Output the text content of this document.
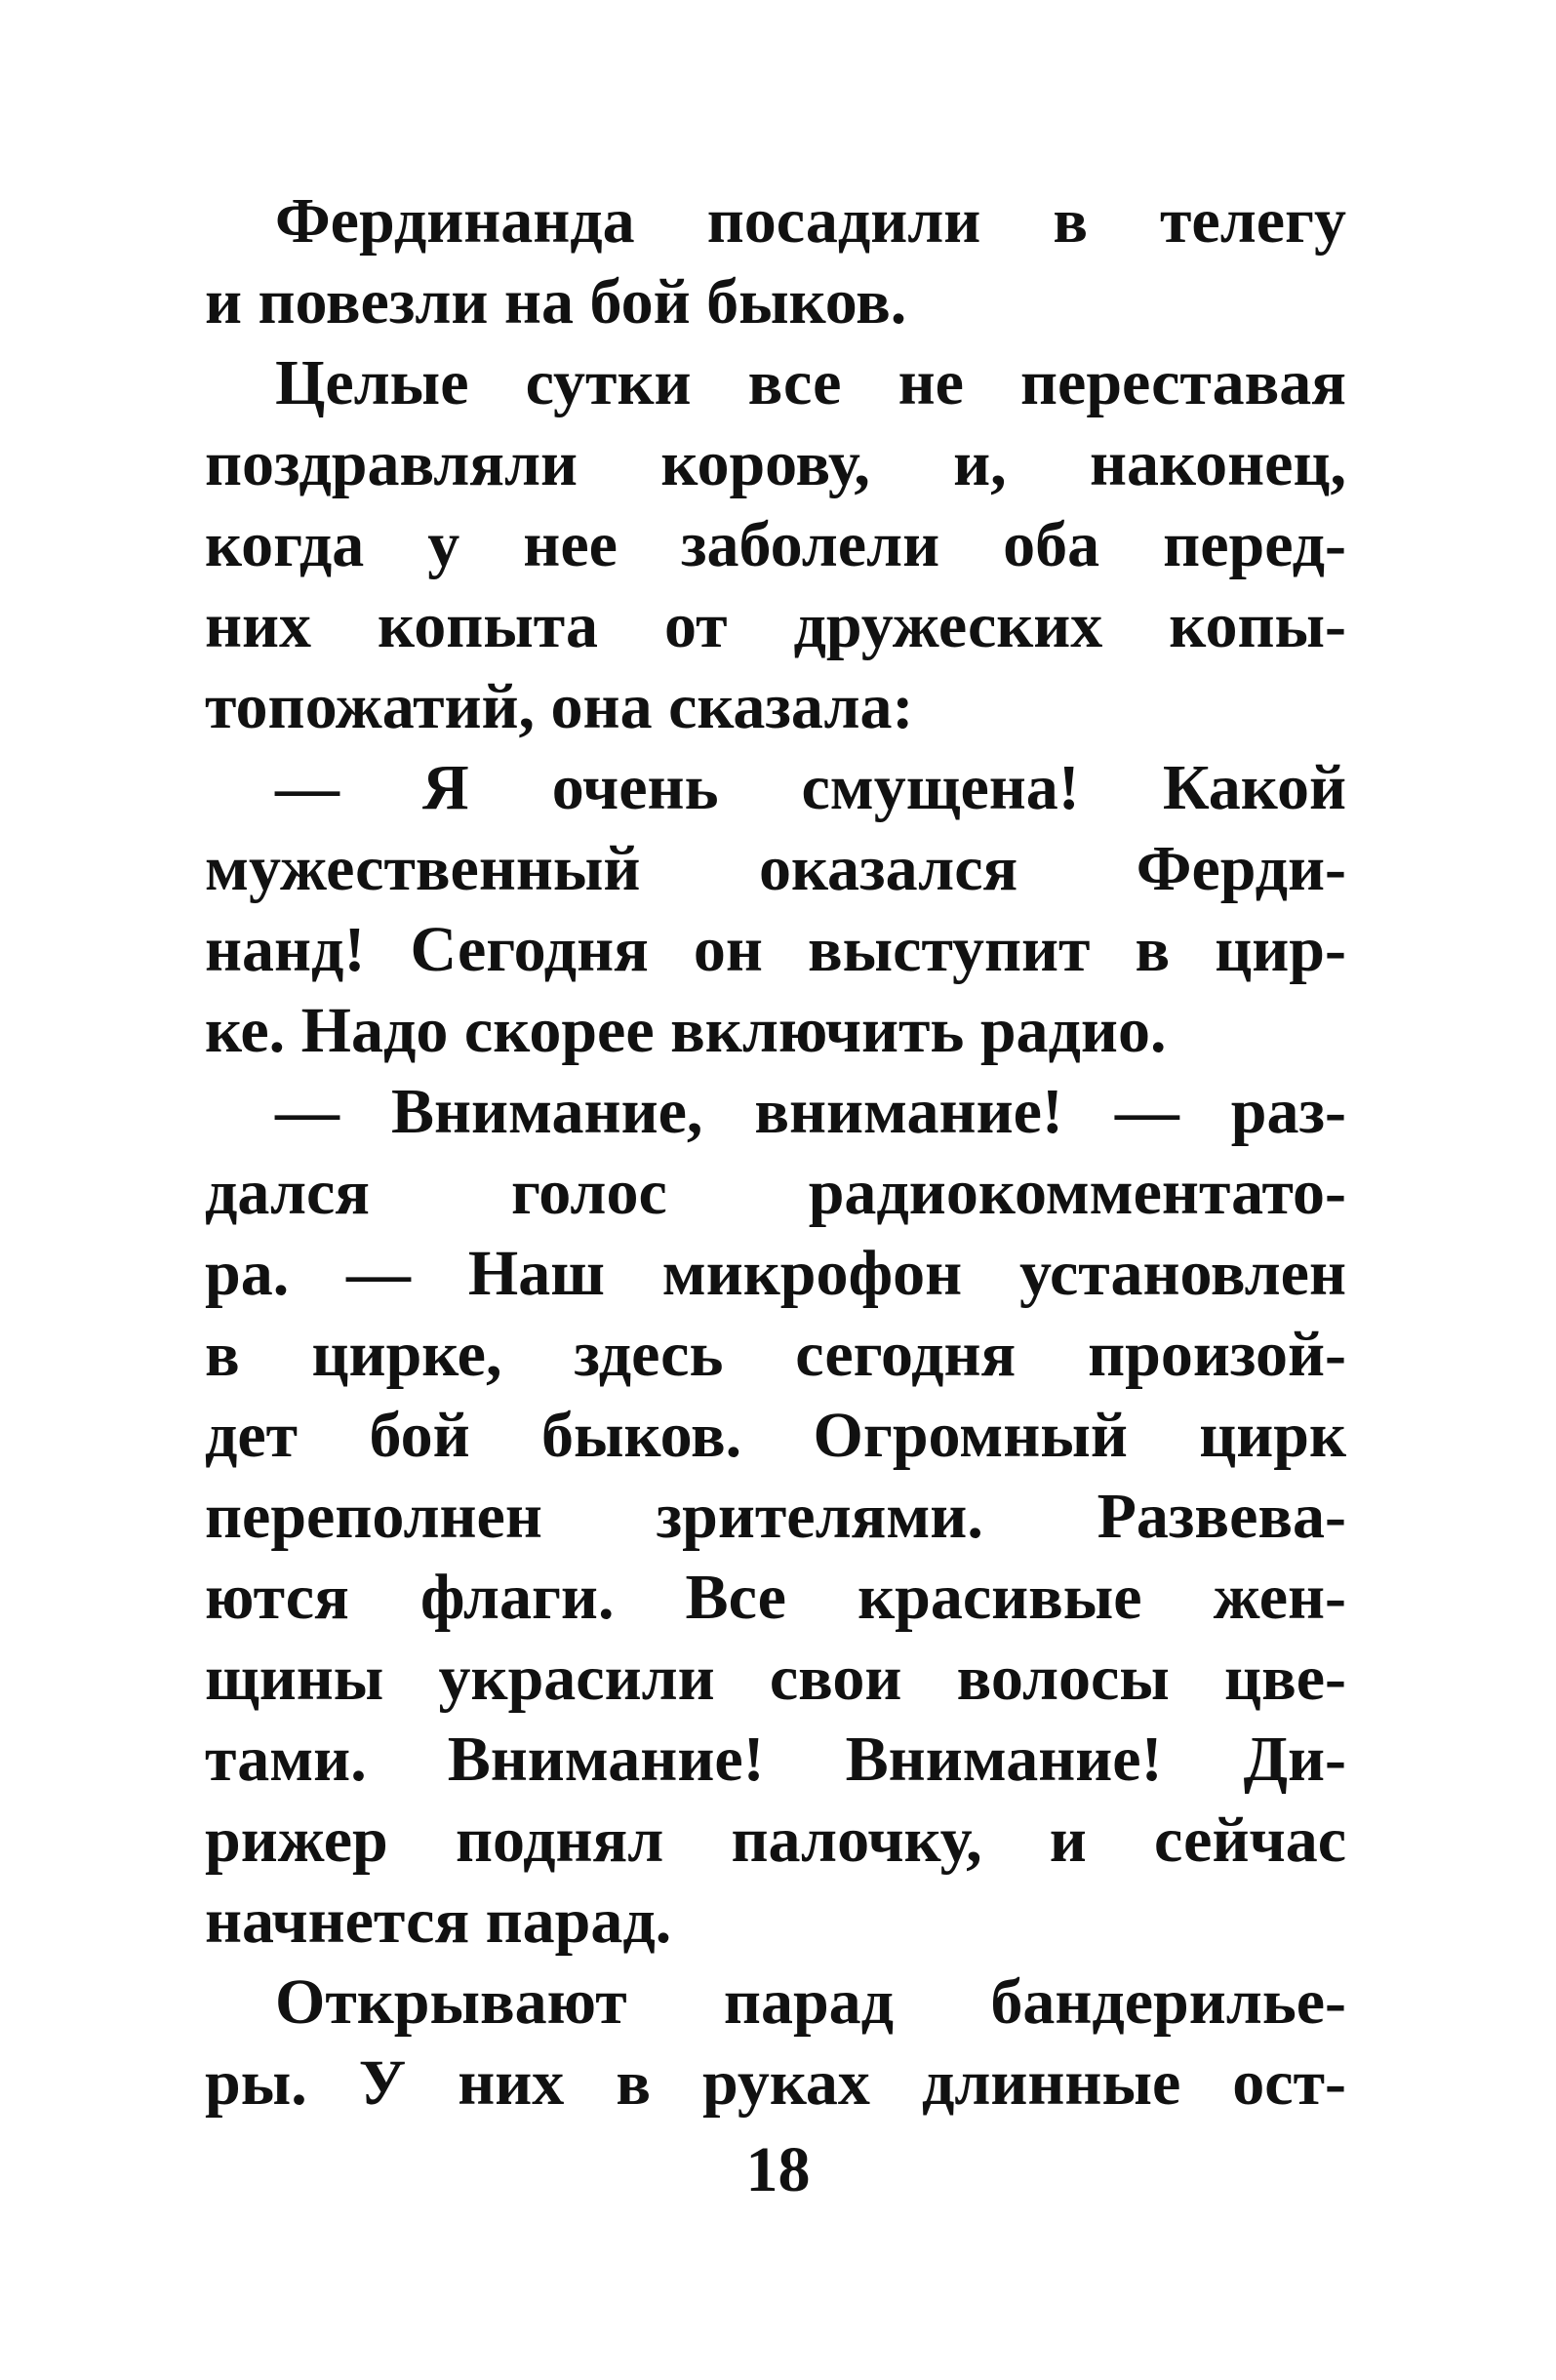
Фердинанда посадили в телегу
и повезли на бой быков.
Целые сутки все не переставая
поздравляли корову, и, наконец,
когда у нее заболели оба перед-
них копыта от дружеских копы-
топожатий, она сказала:
— Я очень смущена! Какой
мужественный оказался Ферди-
нанд! Сегодня он выступит в цир-
ке. Надо скорее включить радио.
— Внимание, внимание! — раз-
дался голос радиокомментато-
ра. — Наш микрофон установлен
в цирке, здесь сегодня произой-
дет бой быков. Огромный цирк
переполнен зрителями. Развева-
ются флаги. Все красивые жен-
щины украсили свои волосы цве-
тами. Внимание! Внимание! Ди-
рижер поднял палочку, и сейчас
начнется парад.
Открывают парад бандерилье-
ры. У них в руках длинные ост-
18
